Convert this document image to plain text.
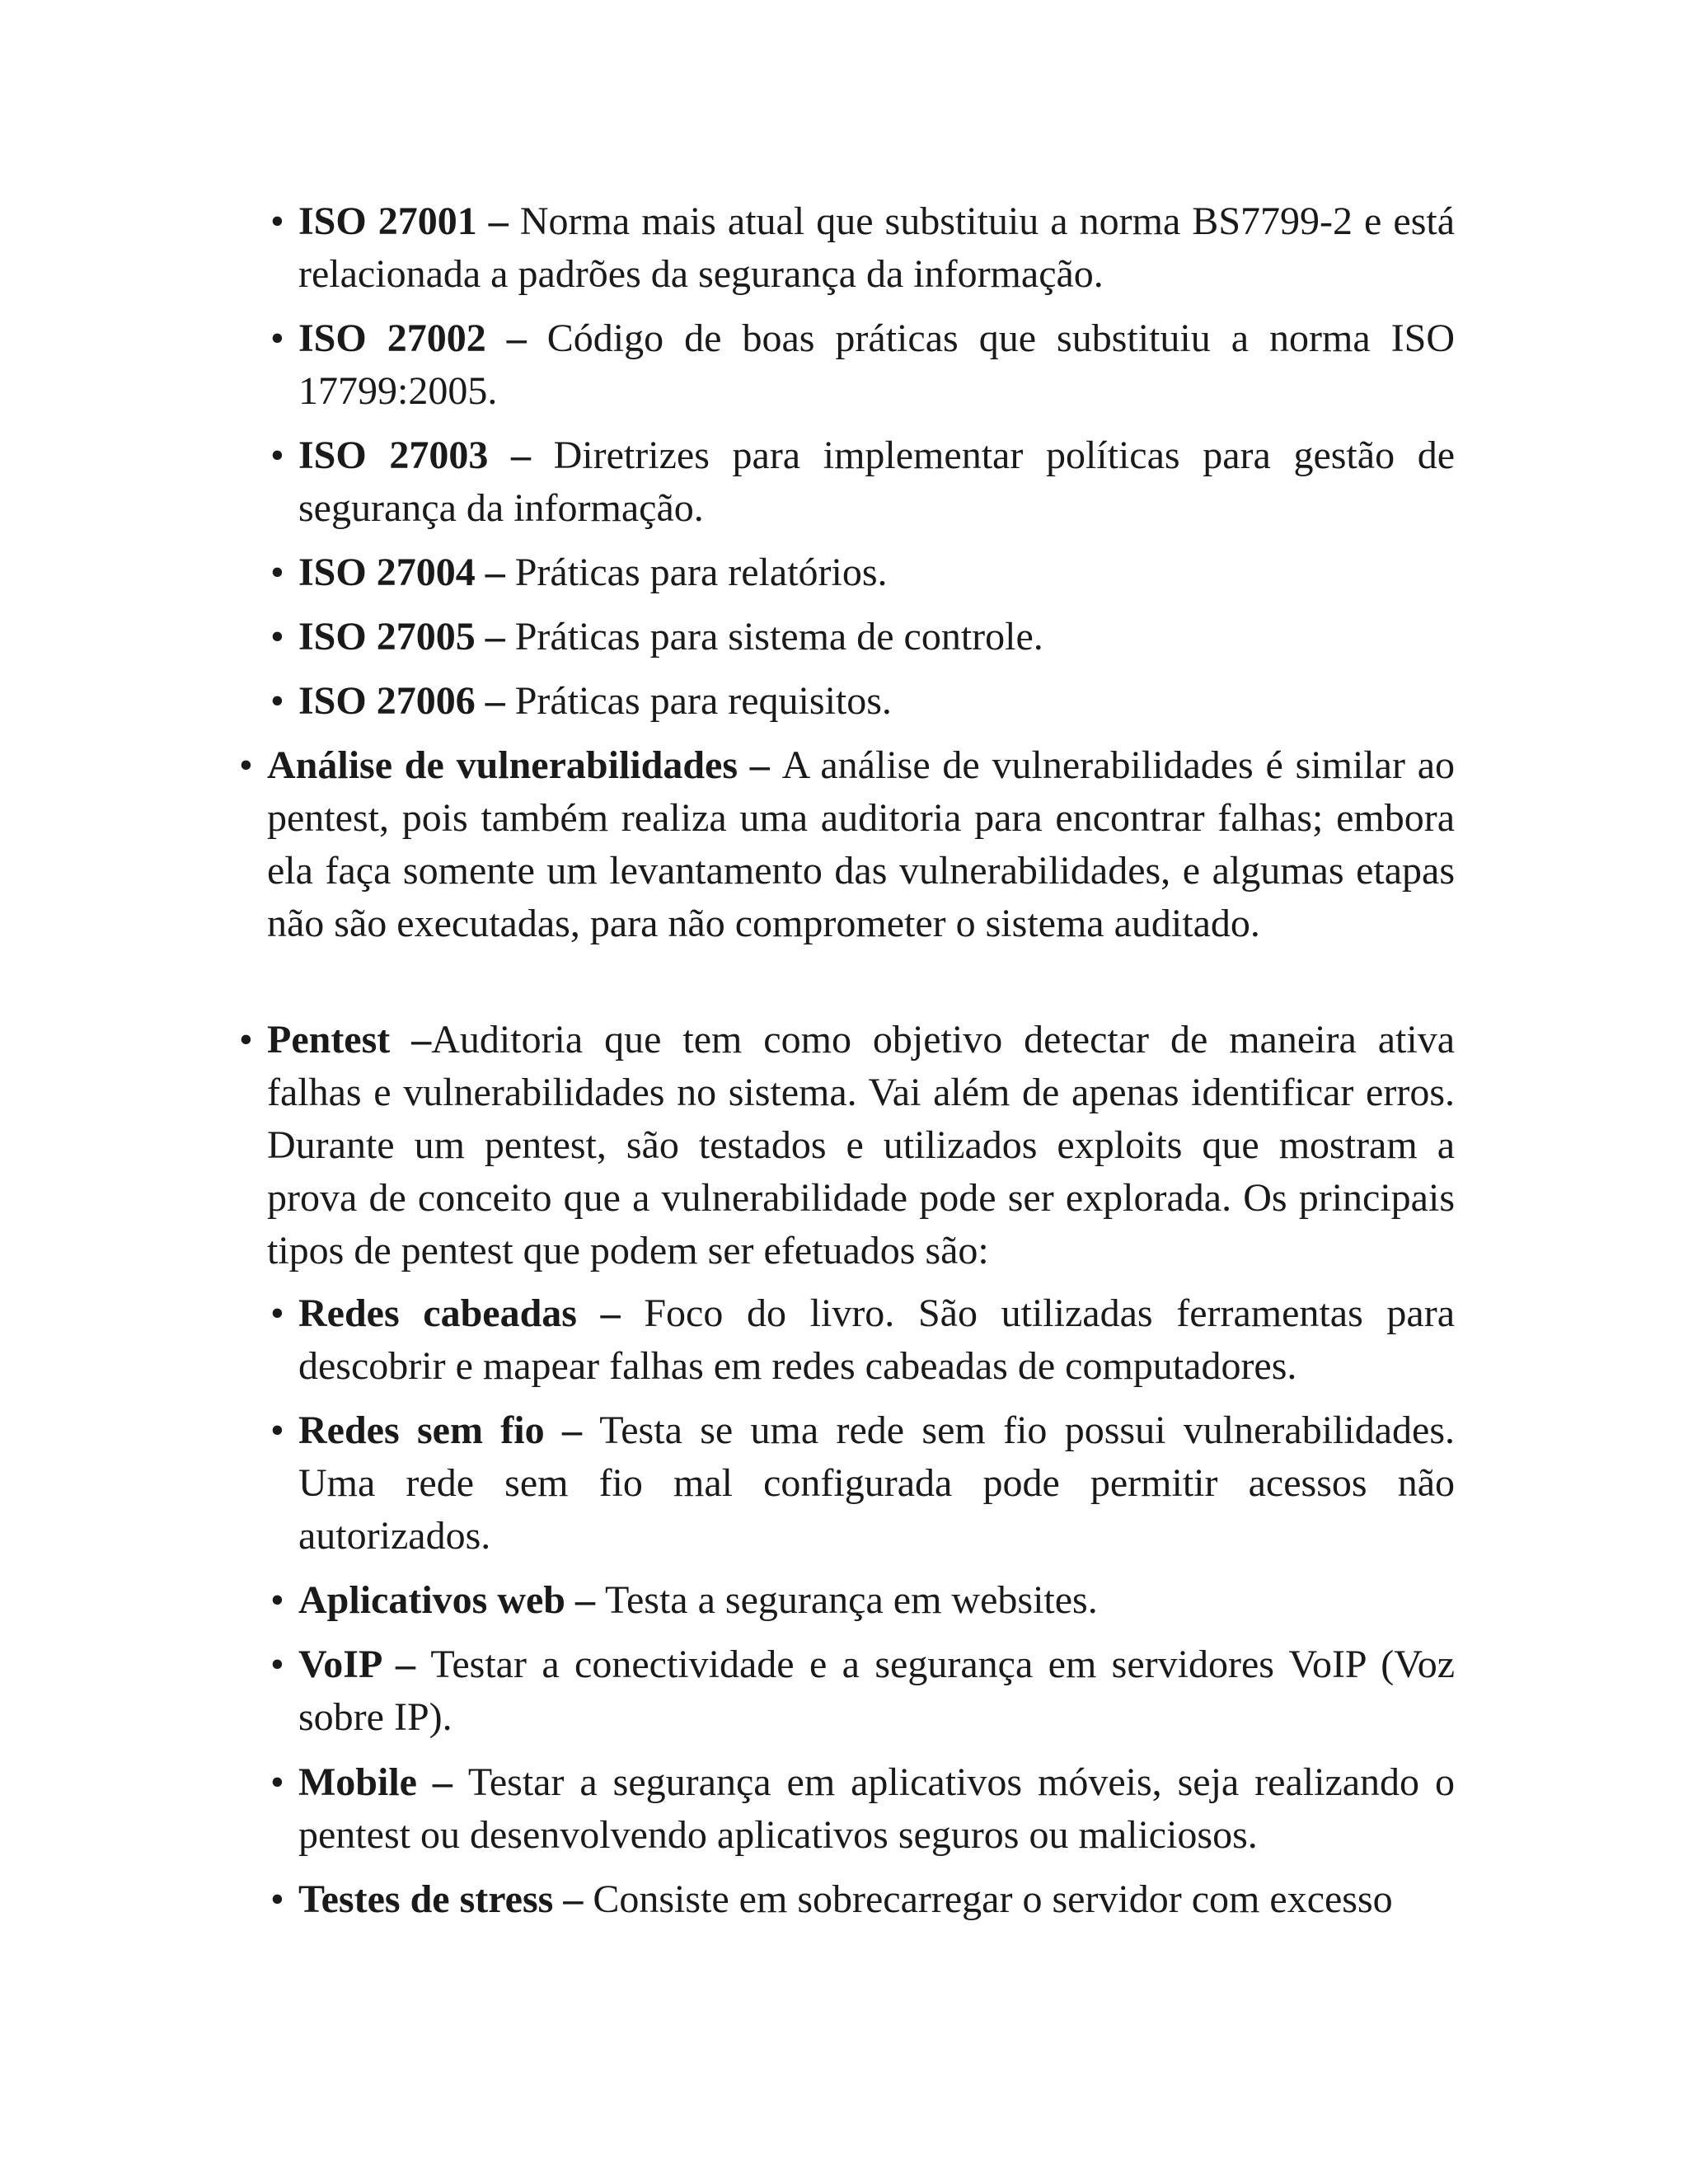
• ISO 27001 – Norma mais atual que substituiu a norma BS7799-2 e está relacionada a padrões da segurança da informação.
• ISO 27002 – Código de boas práticas que substituiu a norma ISO 17799:2005.
• ISO 27003 – Diretrizes para implementar políticas para gestão de segurança da informação.
• ISO 27004 – Práticas para relatórios.
• ISO 27005 – Práticas para sistema de controle.
• ISO 27006 – Práticas para requisitos.
• Análise de vulnerabilidades – A análise de vulnerabilidades é similar ao pentest, pois também realiza uma auditoria para encontrar falhas; embora ela faça somente um levantamento das vulnerabilidades, e algumas etapas não são executadas, para não comprometer o sistema auditado.
• Pentest –Auditoria que tem como objetivo detectar de maneira ativa falhas e vulnerabilidades no sistema. Vai além de apenas identificar erros. Durante um pentest, são testados e utilizados exploits que mostram a prova de conceito que a vulnerabilidade pode ser explorada. Os principais tipos de pentest que podem ser efetuados são:
• Redes cabeadas – Foco do livro. São utilizadas ferramentas para descobrir e mapear falhas em redes cabeadas de computadores.
• Redes sem fio – Testa se uma rede sem fio possui vulnerabilidades. Uma rede sem fio mal configurada pode permitir acessos não autorizados.
• Aplicativos web – Testa a segurança em websites.
• VoIP – Testar a conectividade e a segurança em servidores VoIP (Voz sobre IP).
• Mobile – Testar a segurança em aplicativos móveis, seja realizando o pentest ou desenvolvendo aplicativos seguros ou maliciosos.
• Testes de stress – Consiste em sobrecarregar o servidor com excesso
